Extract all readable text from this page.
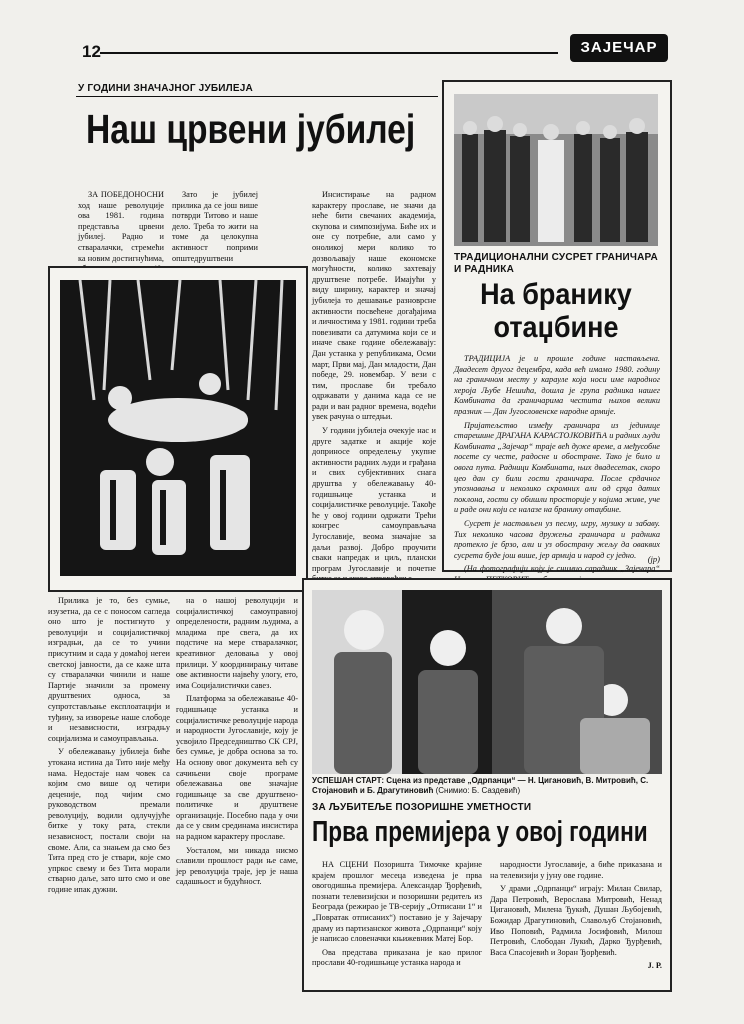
12	ЗАЈЕЧАР
У ГОДИНИ ЗНАЧАЈНОГ ЈУБИЛЕЈА
Наш црвени јубилеј

ЗА ПОБЕДОНОСНИ ход наше револуције ова 1981. година представља црвени јубилеј. Радно и стваралачки, стремећи ка новим достигнућима,

Зато је јубилеј прилика да се још више потврди Титово и наше дело. Треба то жити на томе да целокупна активност поприми општедруштвени

Инсистирање на радном карактеру прославе, не значи да неће бити свечаних академија, скупова и симпозијума. Биће их и оне су потребне, али само у оноликој мери колико то дозвољавају наше економске могућности, колико захтевају друштвене потребе. Имајући у виду ширину, карактер и значај јубилеја то дешавање разноврсне активности посвећене догађајима и личностима у 1981. години треба повезивати са датумима који се и иначе сваке године обележавају: Дан устанка у републикама, Осми март, Први мај, Дан младости, Дан победе, 29. новембар. У вези с тим, прославе би требало одржавати у данима када се не ради и ван радног времена, водећи увек рачуна о штедњи.

У години јубилеја очекује нас и друге задатке и акције које доприносе определењу укупне активности радних људи и грађана и свих субјективних снага друштва у обележавању 40-годишњице устанка и социјалистичке револуције. Такође ће у овој години одржати Трећи конгрес самоуправљача Југославије, веома значајне за даљи развој. Добро проучити сваки напредак и циљ, плански програм Југославије и почетне

Прилика је то, без сумње, изузетна, да се с поносом сагледа оно што је постигнуто у револуцији и социјалистичкој изградњи, да се то учини присутним и сада у домаћој негеи светској јавности, да се каже шта су стваралачки чинили и наше Партије значили за промену друштвених односа, за супротстављање експлоатацији и туђину, за изворење наше слободе и независности, изградњу социјализма и самоуправљања.

У обележавању јубилеја биће утокана истина да Тито није међу нама. Недостаје нам човек са којим смо више од четири деценије, под чијим смо руководством премали револуцију, водили одлучујуће битке у току рата, стекли независност, постали своји на своме. Али, са знањем да смо без Тита пред сто је ствари, које смо упркос свему и без Тита морали стварно даље, зато што смо и ове године ипак дужни.

на о нашој револуцији и социјалистичкој самоуправној определености, радним људима, а младима пре свега, да их подстиче на мере стваралачког, креативног деловања у овој прилици. У координирању читаве ове активности највећу улогу, ето, има Социјалистички савез.

Платформа за обележавање 40-годишњице устанка и социјалистичке револуције народа и народности Југославије, коју је усвојило Председништво СК СРЈ, без сумње, је добра основа за то. На основу овог документа већ су сачињени своје програме обележавања ове значајне годишњице за све друштвено-политичке и друштвене организације. Посебно пада у очи да се у свим срединама инсистира на радном карактеру прославе.

Уосталом, ми никада нисмо славили прошлост ради ње саме, јер револуција траје, јер је наша садашњост и будућност.

ТРАДИЦИОНАЛНИ СУСРЕТ ГРАНИЧАРА И РАДНИКА
На бранику
отаџбине

ТРАДИЦИЈА је и прошле године настављена. Двадесет другог децембра, када већ имамо 1980. годину на граничном месту у карауле која носи име народног хероја Љубе Нешића, дошла је група радника нашег Комбината да граничарима честита њихов велики празник — Дан Југословенске народне армије.

Пријатељство између граничара из јединице старешине ДРАГАНА КАРАСТОЈКОВИЋА и радних људи Комбината „Зајечар“ траје већ дуже време, а међусобне посете су честе, радосне и обостране. Тако је било и овога пута. Радници Комбината, њих двадесетак, скоро цео дан су били гости граничара. После срдачног упознавања и неколико скромних али од срца датих поклона, гости су обишли просторије у којима живе, уче и раде они који се налазе на бранику отаџбине.

Сусрет је настављен уз песму, игру, музику и забаву. Тих неколико часова дружења граничара и радника протекло је брзо, али и уз обострану жељу да оваквих сусрета буде још више, јер армија и народ су једно.

(На фотографији коју је снимио сарадник „Зајечара“

(јр)
УСПЕШАН СТАРТ: Сцена из представе „Одрпанци“ — Н. Цигановић, В. Митровић, С. Стојановић и Б. Драгутиновић (Снимио: Б. Саздевић)
ЗА ЉУБИТЕЉЕ ПОЗОРИШНЕ УМЕТНОСТИ
Прва премијера у овој години

НА СЦЕНИ Позоришта Тимочке крајине крајем прошлог месеца изведена је прва овогодишња премијера. Александар Ђорђевић, познати телевизијски и позоришни редитељ из Београда (режирао је ТВ-серију „Отписани 1“ и „Повратак отписаних“) поставио је у Зајечару драму из партизанског живота „Одрпанци“ коју је написао словеначки књижевник Матеј Бор.

Ова представа приказана је као прилог прослави 40-годишњице устанка народа и

народности Југославије, а биће приказана и на телевизији у јуну ове године.

У драми „Одрпанци“ играју: Милан Свилар, Дара Петровић, Верослава Митровић, Ненад Цигановић, Милена Ђукић, Душан Љубојевић, Божидар Драгутиновић, Славољуб Стојановић, Иво Поповић, Радмила Јосифовић, Милош Петровић, Слободан Лукић, Дарко Ђурђевић, Васа Спасојевић и Зоран Ђорђевић.

Ј. Р.
